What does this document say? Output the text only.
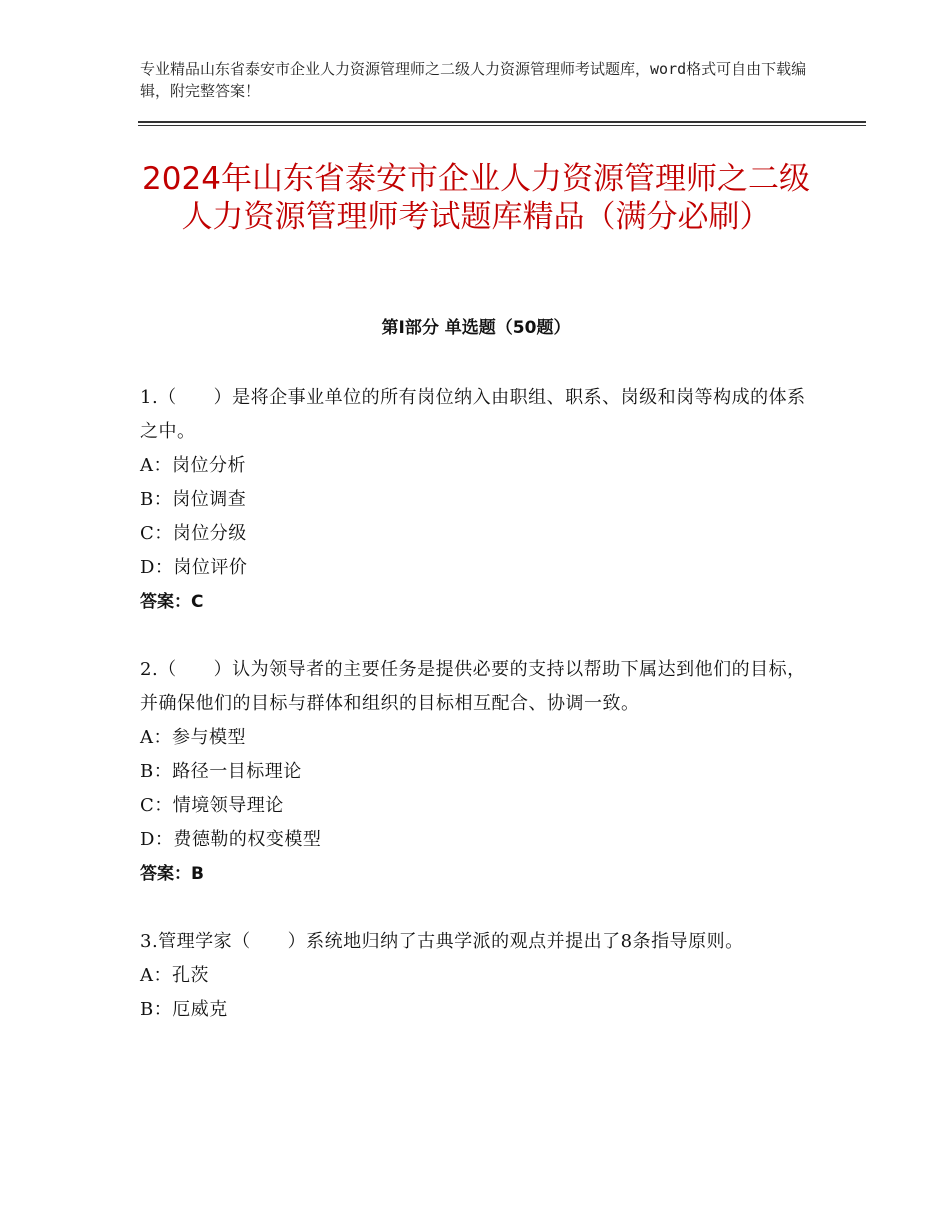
专业精品山东省泰安市企业人力资源管理师之二级人力资源管理师考试题库，word格式可自由下载编辑，附完整答案！
2024年山东省泰安市企业人力资源管理师之二级人力资源管理师考试题库精品（满分必刷）
第Ⅰ部分 单选题（50题）
1.（　　）是将企事业单位的所有岗位纳入由职组、职系、岗级和岗等构成的体系之中。
A：岗位分析
B：岗位调查
C：岗位分级
D：岗位评价
答案：C
2.（　　）认为领导者的主要任务是提供必要的支持以帮助下属达到他们的目标，并确保他们的目标与群体和组织的目标相互配合、协调一致。
A：参与模型
B：路径一目标理论
C：情境领导理论
D：费德勒的权变模型
答案：B
3.管理学家（　　）系统地归纳了古典学派的观点并提出了8条指导原则。
A：孔茨
B：厄威克
